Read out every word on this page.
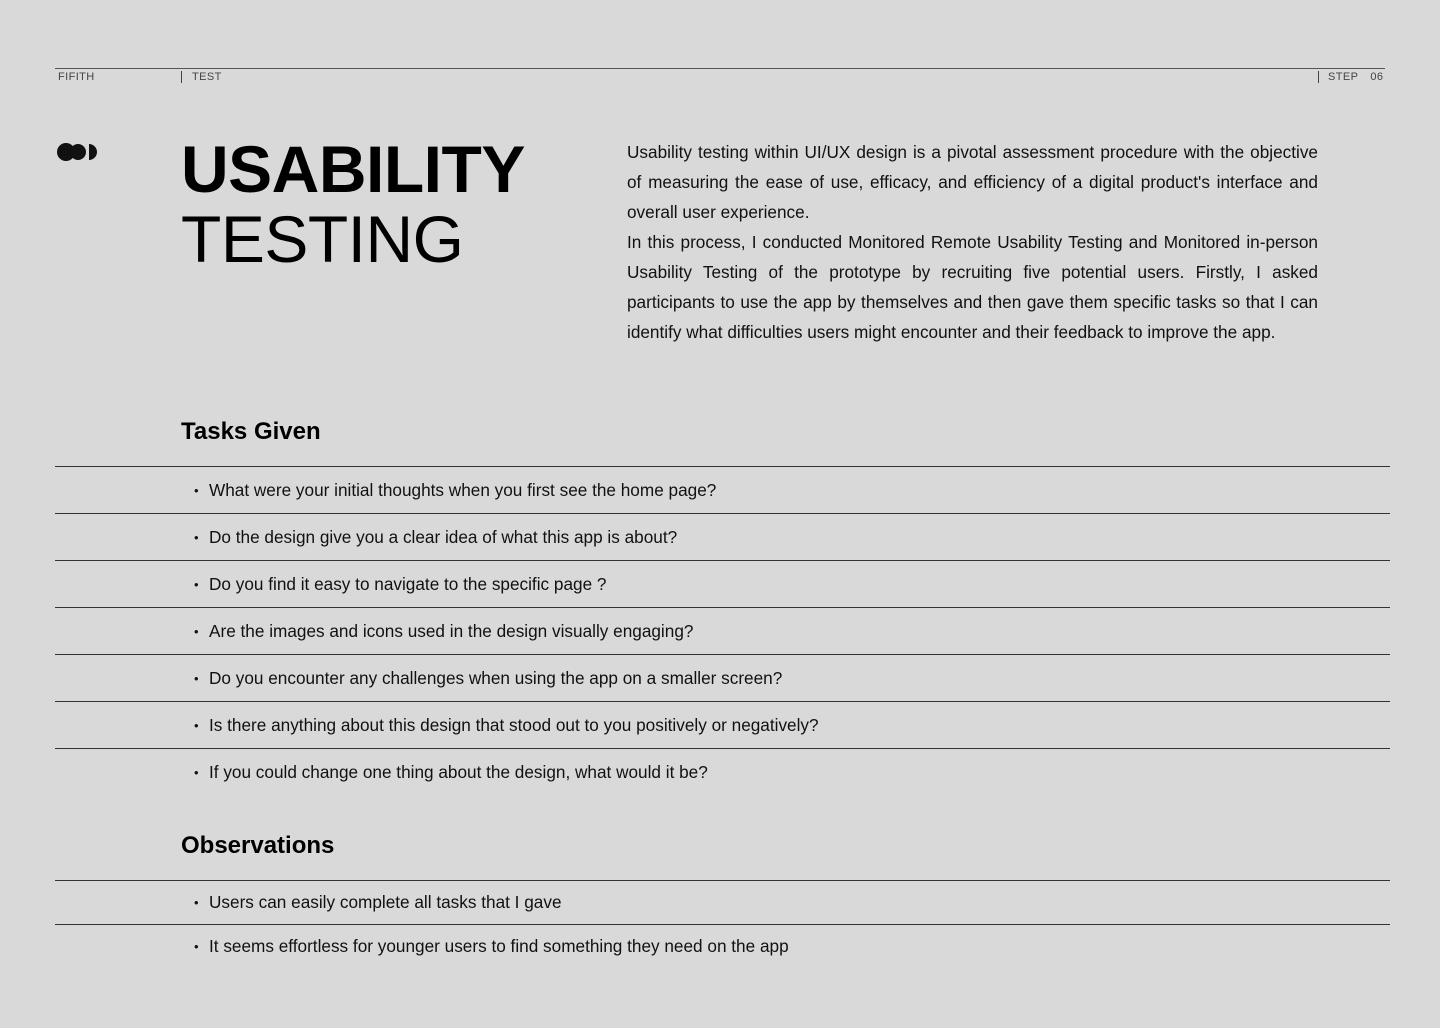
FIFITH	TEST	STEP 06
USABILITY
TESTING

Usability testing within UI/UX design is a pivotal assessment procedure with the objective of measuring the ease of use, efficacy, and efficiency of a digital product's interface and overall user experience.

In this process, I conducted Monitored Remote Usability Testing and Monitored in-person Usability Testing of the prototype by recruiting five potential users. Firstly, I asked participants to use the app by themselves and then gave them specific tasks so that I can identify what difficulties users might encounter and their feedback to improve the app.

Tasks Given
• What were your initial thoughts when you first see the home page?
• Do the design give you a clear idea of what this app is about?
• Do you find it easy to navigate to the specific page ?
• Are the images and icons used in the design visually engaging?
• Do you encounter any challenges when using the app on a smaller screen?
• Is there anything about this design that stood out to you positively or negatively?
• If you could change one thing about the design, what would it be?
Observations
• Users can easily complete all tasks that I gave
• It seems effortless for younger users to find something they need on the app
